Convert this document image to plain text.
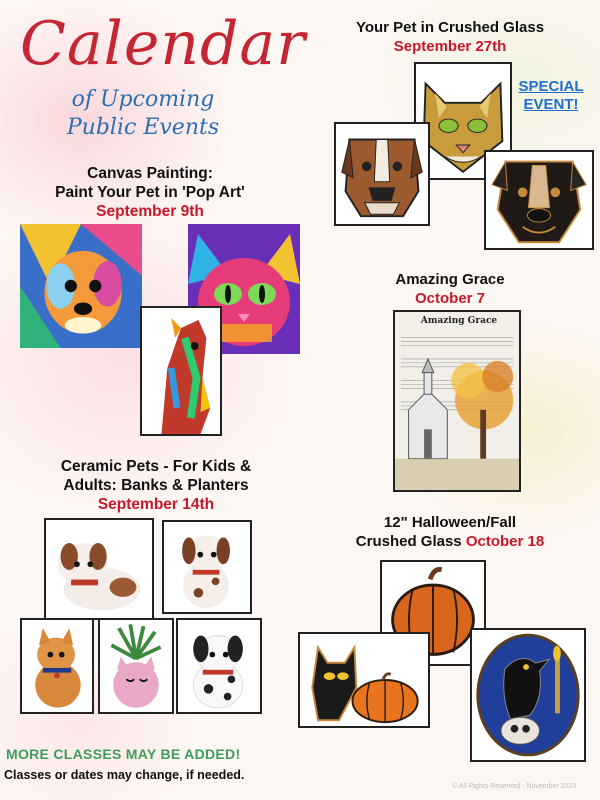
Calendar
of Upcoming
Public Events
Canvas Painting:
Paint Your Pet in 'Pop Art'
September 9th
Ceramic Pets - For Kids &
Adults: Banks & Planters
September 14th
Your Pet in Crushed Glass
September 27th
SPECIAL
EVENT!
Amazing Grace
October 7
Amazing Grace
12" Halloween/Fall
Crushed Glass October 18
MORE CLASSES MAY BE ADDED!
Classes or dates may change, if needed.
© All Rights Reserved - November 2023
